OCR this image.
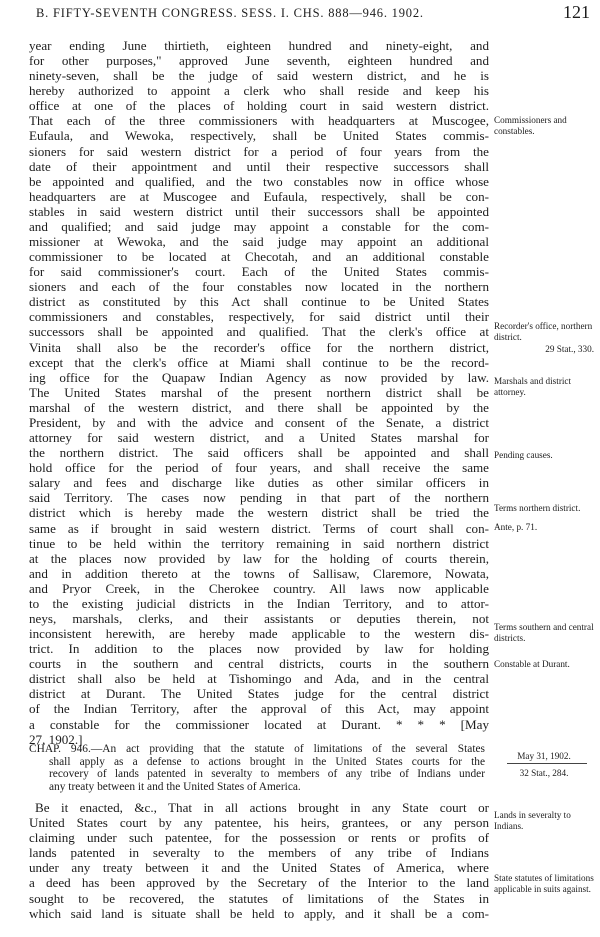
B. FIFTY-SEVENTH CONGRESS. SESS. I. CHS. 888—946. 1902.	121
year ending June thirtieth, eighteen hundred and ninety-eight, and
for other purposes," approved June seventh, eighteen hundred and
ninety-seven, shall be the judge of said western district, and he is
hereby authorized to appoint a clerk who shall reside and keep his
office at one of the places of holding court in said western district.
That each of the three commissioners with headquarters at Muscogee,
Eufaula, and Wewoka, respectively, shall be United States commis-
sioners for said western district for a period of four years from the
date of their appointment and until their respective successors shall
be appointed and qualified, and the two constables now in office whose
headquarters are at Muscogee and Eufaula, respectively, shall be con-
stables in said western district until their successors shall be appointed
and qualified; and said judge may appoint a constable for the com-
missioner at Wewoka, and the said judge may appoint an additional
commissioner to be located at Checotah, and an additional constable
for said commissioner's court. Each of the United States commis-
sioners and each of the four constables now located in the northern
district as constituted by this Act shall continue to be United States
commissioners and constables, respectively, for said district until their
successors shall be appointed and qualified. That the clerk's office at
Vinita shall also be the recorder's office for the northern district,
except that the clerk's office at Miami shall continue to be the record-
ing office for the Quapaw Indian Agency as now provided by law.
The United States marshal of the present northern district shall be
marshal of the western district, and there shall be appointed by the
President, by and with the advice and consent of the Senate, a district
attorney for said western district, and a United States marshal for
the northern district. The said officers shall be appointed and shall
hold office for the period of four years, and shall receive the same
salary and fees and discharge like duties as other similar officers in
said Territory. The cases now pending in that part of the northern
district which is hereby made the western district shall be tried the
same as if brought in said western district. Terms of court shall con-
tinue to be held within the territory remaining in said northern district
at the places now provided by law for the holding of courts therein,
and in addition thereto at the towns of Sallisaw, Claremore, Nowata,
and Pryor Creek, in the Cherokee country. All laws now applicable
to the existing judicial districts in the Indian Territory, and to attor-
neys, marshals, clerks, and their assistants or deputies therein, not
inconsistent herewith, are hereby made applicable to the western dis-
trict. In addition to the places now provided by law for holding
courts in the southern and central districts, courts in the southern
district shall also be held at Tishomingo and Ada, and in the central
district at Durant. The United States judge for the central district
of the Indian Territory, after the approval of this Act, may appoint
a constable for the commissioner located at Durant. * * * [May
27, 1902.]
Commissioners and constables.
Recorder's office, northern district.
29 Stat., 330.
Marshals and district attorney.
Pending causes.
Terms northern district.
Ante, p. 71.
Terms southern and central districts.
Constable at Durant.
CHAP. 946.—An act providing that the statute of limitations of the several States
shall apply as a defense to actions brought in the United States courts for the
recovery of lands patented in severalty to members of any tribe of Indians under
any treaty between it and the United States of America.
May 31, 1902.
32 Stat., 284.
Be it enacted, &c., That in all actions brought in any State court or
United States court by any patentee, his heirs, grantees, or any person
claiming under such patentee, for the possession or rents or profits of
lands patented in severalty to the members of any tribe of Indians
under any treaty between it and the United States of America, where
a deed has been approved by the Secretary of the Interior to the land
sought to be recovered, the statutes of limitations of the States in
which said land is situate shall be held to apply, and it shall be a com-
Lands in severalty to Indians.
State statutes of limitations applicable in suits against.
